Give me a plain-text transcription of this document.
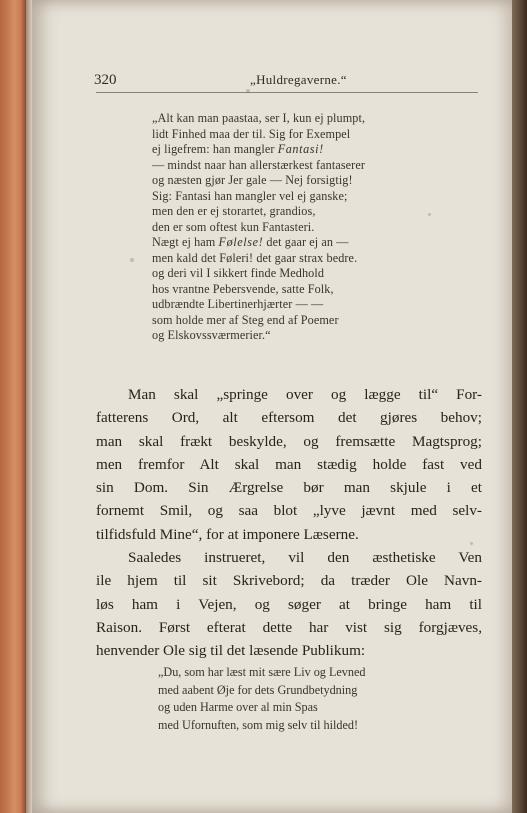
320	„Huldregaverne.“
„Alt kan man paastaa, ser I, kun ej plumpt,
lidt Finhed maa der til. Sig for Exempel
ej ligefrem: han mangler Fantasi!
— mindst naar han allerstærkest fantaserer
og næsten gjør Jer gale — Nej forsigtig!
Sig: Fantasi han mangler vel ej ganske;
men den er ej storartet, grandios,
den er som oftest kun Fantasteri.
Nægt ej ham Følelse! det gaar ej an —
men kald det Føleri! det gaar strax bedre.
og deri vil I sikkert finde Medhold
hos vrantne Pebersvende, satte Folk,
udbrændte Libertinerhjærter — —
som holde mer af Steg end af Poemer
og Elskovssværmerier.“
Man skal „springe over og lægge til“ For-
fatterens Ord, alt eftersom det gjøres behov;
man skal frækt beskylde, og fremsætte Magtsprog;
men fremfor Alt skal man stædig holde fast ved
sin Dom. Sin Ærgrelse bør man skjule i et
fornemt Smil, og saa blot „lyve jævnt med selv-
tilfidsfuld Mine“, for at imponere Læserne.
Saaledes instrueret, vil den æsthetiske Ven
ile hjem til sit Skrivebord; da træder Ole Navn-
løs ham i Vejen, og søger at bringe ham til
Raison. Først efterat dette har vist sig forgjæves,
henvender Ole sig til det læsende Publikum:
„Du, som har læst mit sære Liv og Levned
med aabent Øje for dets Grundbetydning
og uden Harme over al min Spas
med Ufornuften, som mig selv til hilded!
